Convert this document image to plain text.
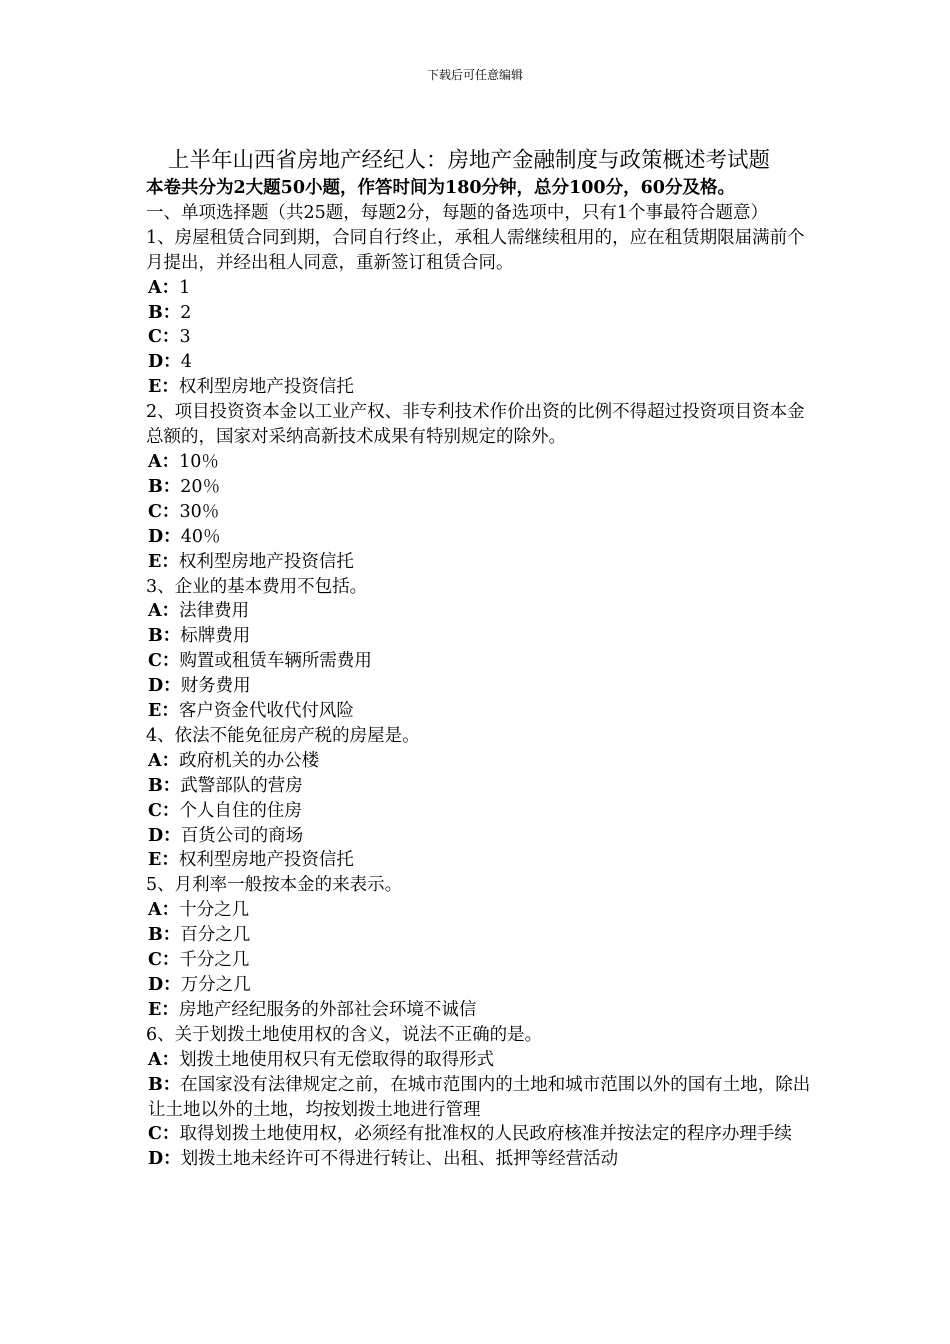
下载后可任意编辑
上半年山西省房地产经纪人：房地产金融制度与政策概述考试题
本卷共分为2大题50小题，作答时间为180分钟，总分100分，60分及格。
一、单项选择题（共25题，每题2分，每题的备选项中，只有1个事最符合题意）
1、房屋租赁合同到期，合同自行终止，承租人需继续租用的，应在租赁期限届满前个月提出，并经出租人同意，重新签订租赁合同。
A：1
B：2
C：3
D：4
E：权利型房地产投资信托
2、项目投资资本金以工业产权、非专利技术作价出资的比例不得超过投资项目资本金总额的，国家对采纳高新技术成果有特别规定的除外。
A：10％
B：20％
C：30％
D：40％
E：权利型房地产投资信托
3、企业的基本费用不包括。
A：法律费用
B：标牌费用
C：购置或租赁车辆所需费用
D：财务费用
E：客户资金代收代付风险
4、依法不能免征房产税的房屋是。
A：政府机关的办公楼
B：武警部队的营房
C：个人自住的住房
D：百货公司的商场
E：权利型房地产投资信托
5、月利率一般按本金的来表示。
A：十分之几
B：百分之几
C：千分之几
D：万分之几
E：房地产经纪服务的外部社会环境不诚信
6、关于划拨土地使用权的含义，说法不正确的是。
A：划拨土地使用权只有无偿取得的取得形式
B：在国家没有法律规定之前，在城市范围内的土地和城市范围以外的国有土地，除出让土地以外的土地，均按划拨土地进行管理
C：取得划拨土地使用权，必须经有批准权的人民政府核准并按法定的程序办理手续
D：划拨土地未经许可不得进行转让、出租、抵押等经营活动
